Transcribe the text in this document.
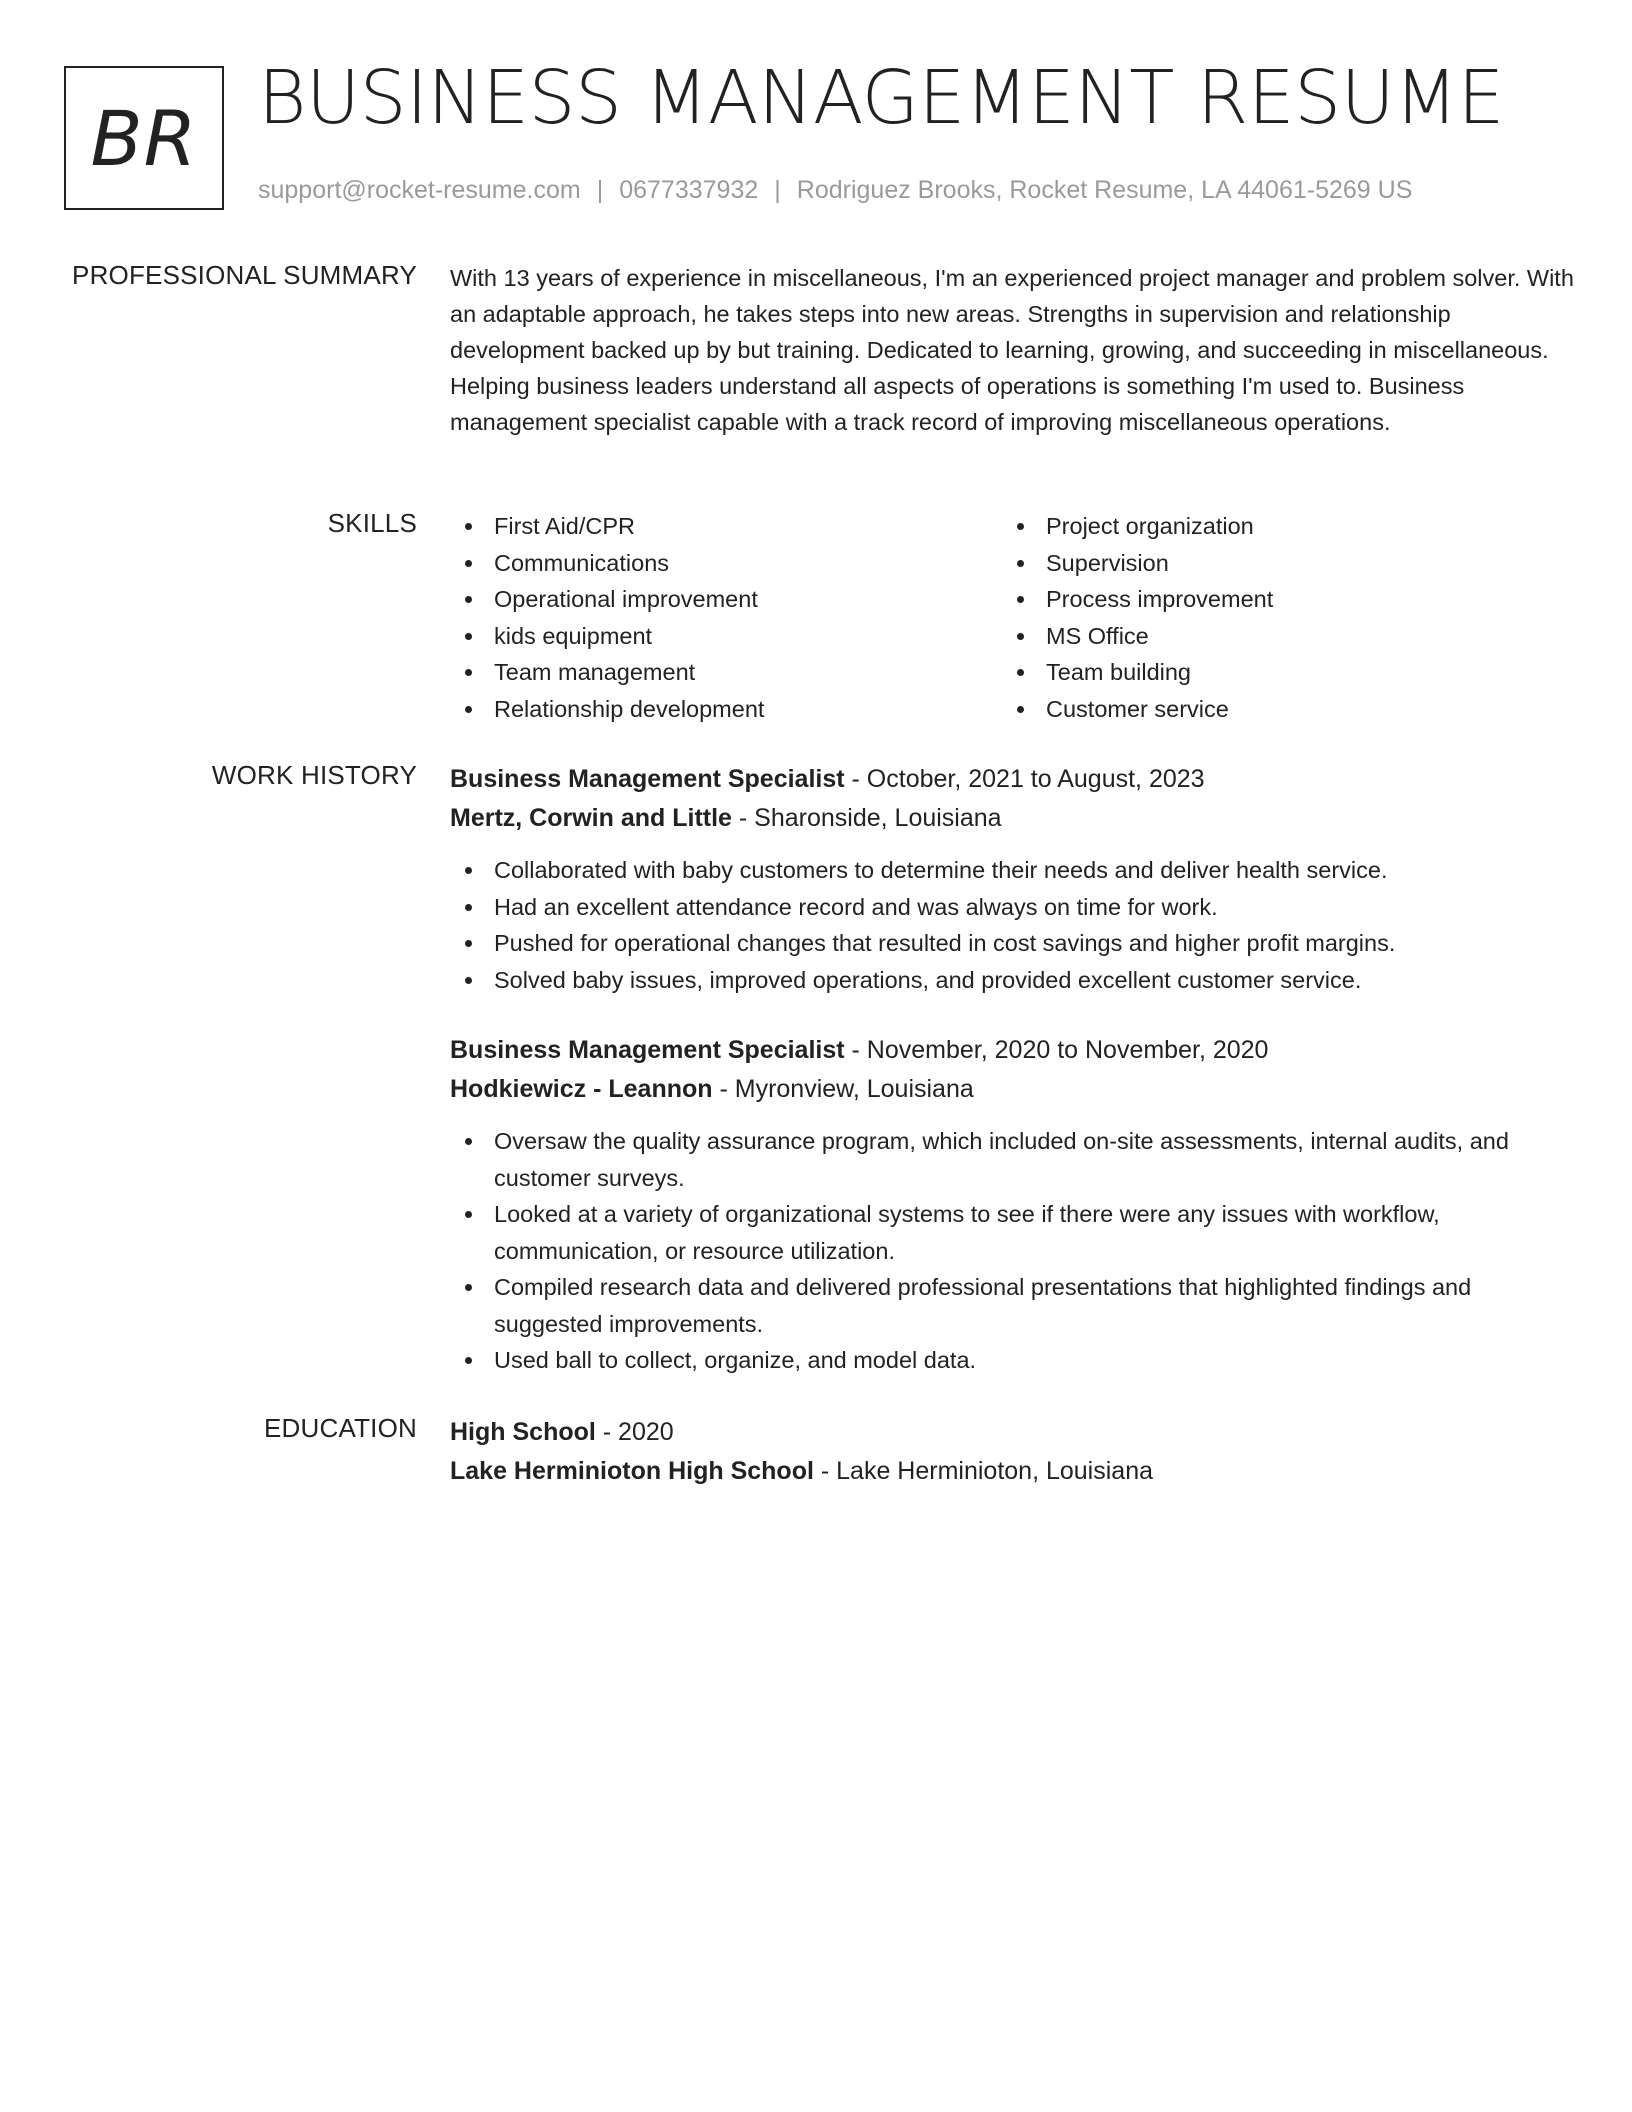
BR BUSINESS MANAGEMENT RESUME
support@rocket-resume.com | 0677337932 | Rodriguez Brooks, Rocket Resume, LA 44061-5269 US
PROFESSIONAL SUMMARY With 13 years of experience in miscellaneous, I'm an experienced project manager and problem solver. With an adaptable approach, he takes steps into new areas. Strengths in supervision and relationship development backed up by but training. Dedicated to learning, growing, and succeeding in miscellaneous. Helping business leaders understand all aspects of operations is something I'm used to. Business management specialist capable with a track record of improving miscellaneous operations.
SKILLS	First Aid/CPR
Communications
Operational improvement
kids equipment
Team management
Relationship development
Project organization
Supervision
Process improvement
MS Office
Team building
Customer service
WORK HISTORY Business Management Specialist - October, 2021 to August, 2023
Mertz, Corwin and Little - Sharonside, Louisiana
Collaborated with baby customers to determine their needs and deliver health service.
Had an excellent attendance record and was always on time for work.
Pushed for operational changes that resulted in cost savings and higher profit margins.
Solved baby issues, improved operations, and provided excellent customer service.
Business Management Specialist - November, 2020 to November, 2020
Hodkiewicz - Leannon - Myronview, Louisiana
Oversaw the quality assurance program, which included on-site assessments, internal audits, and customer surveys.
Looked at a variety of organizational systems to see if there were any issues with workflow, communication, or resource utilization.
Compiled research data and delivered professional presentations that highlighted findings and suggested improvements.
Used ball to collect, organize, and model data.
EDUCATION High School - 2020
Lake Herminioton High School - Lake Herminioton, Louisiana
